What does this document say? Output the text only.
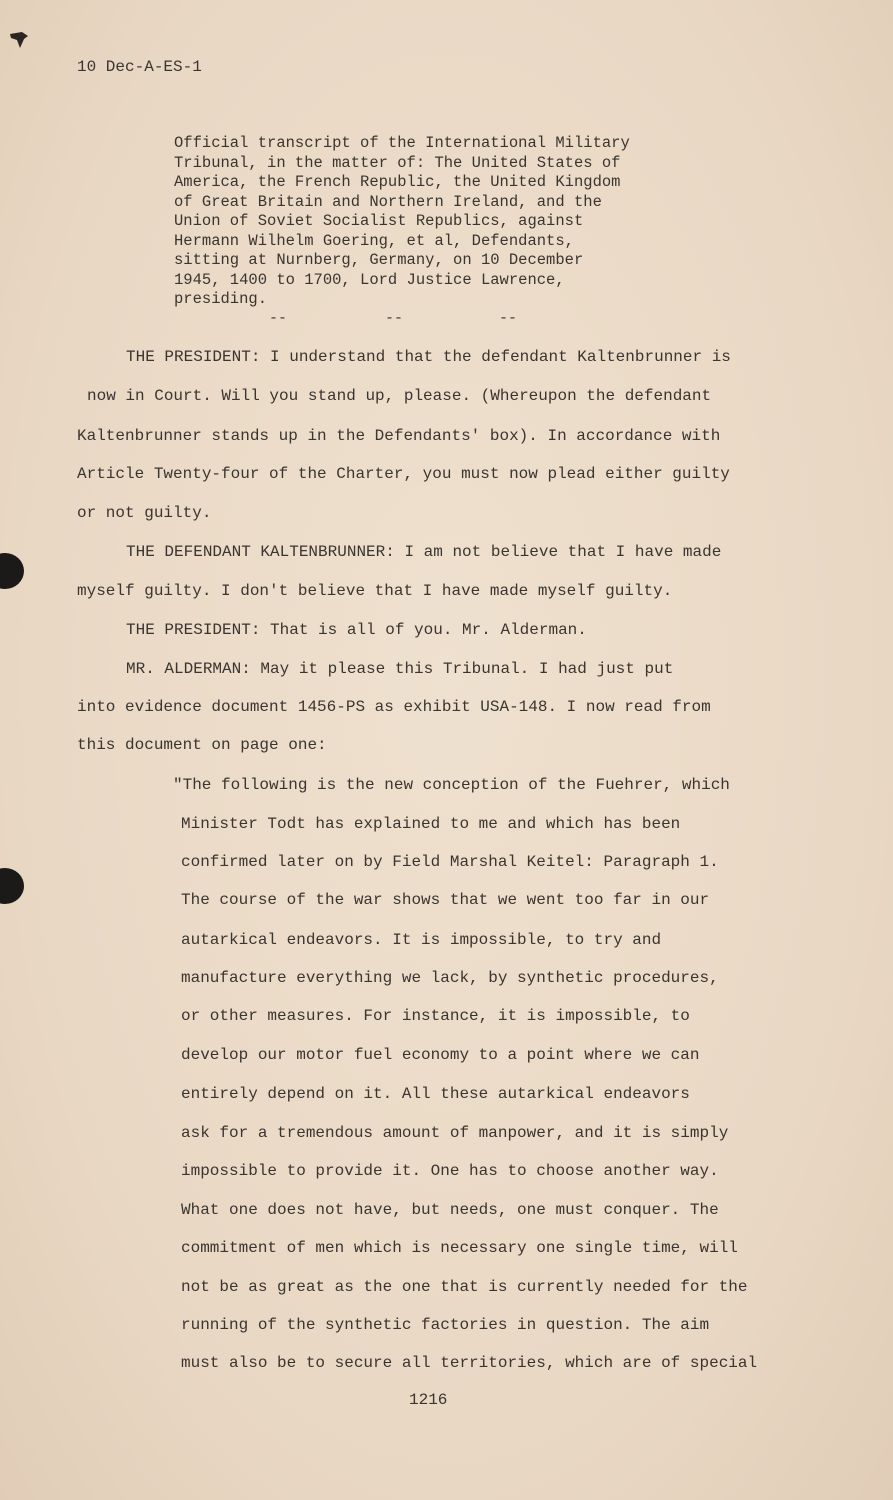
10 Dec-A-ES-1
Official transcript of the International Military
Tribunal, in the matter of: The United States of
America, the French Republic, the United Kingdom
of Great Britain and Northern Ireland, and the
Union of Soviet Socialist Republics, against
Hermann Wilhelm Goering, et al, Defendants,
sitting at Nurnberg, Germany, on 10 December
1945, 1400 to 1700, Lord Justice Lawrence,
presiding.
--	--	--
THE PRESIDENT: I understand that the defendant Kaltenbrunner is
now in Court. Will you stand up, please. (Whereupon the defendant
Kaltenbrunner stands up in the Defendants' box). In accordance with
Article Twenty-four of the Charter, you must now plead either guilty
or not guilty.
THE DEFENDANT KALTENBRUNNER: I am not believe that I have made
myself guilty. I don't believe that I have made myself guilty.
THE PRESIDENT: That is all of you. Mr. Alderman.
MR. ALDERMAN: May it please this Tribunal. I had just put
into evidence document 1456-PS as exhibit USA-148. I now read from
this document on page one:
"The following is the new conception of the Fuehrer, which
Minister Todt has explained to me and which has been
confirmed later on by Field Marshal Keitel: Paragraph 1.
The course of the war shows that we went too far in our
autarkical endeavors. It is impossible, to try and
manufacture everything we lack, by synthetic procedures,
or other measures. For instance, it is impossible, to
develop our motor fuel economy to a point where we can
entirely depend on it. All these autarkical endeavors
ask for a tremendous amount of manpower, and it is simply
impossible to provide it. One has to choose another way.
What one does not have, but needs, one must conquer. The
commitment of men which is necessary one single time, will
not be as great as the one that is currently needed for the
running of the synthetic factories in question. The aim
must also be to secure all territories, which are of special
1216
